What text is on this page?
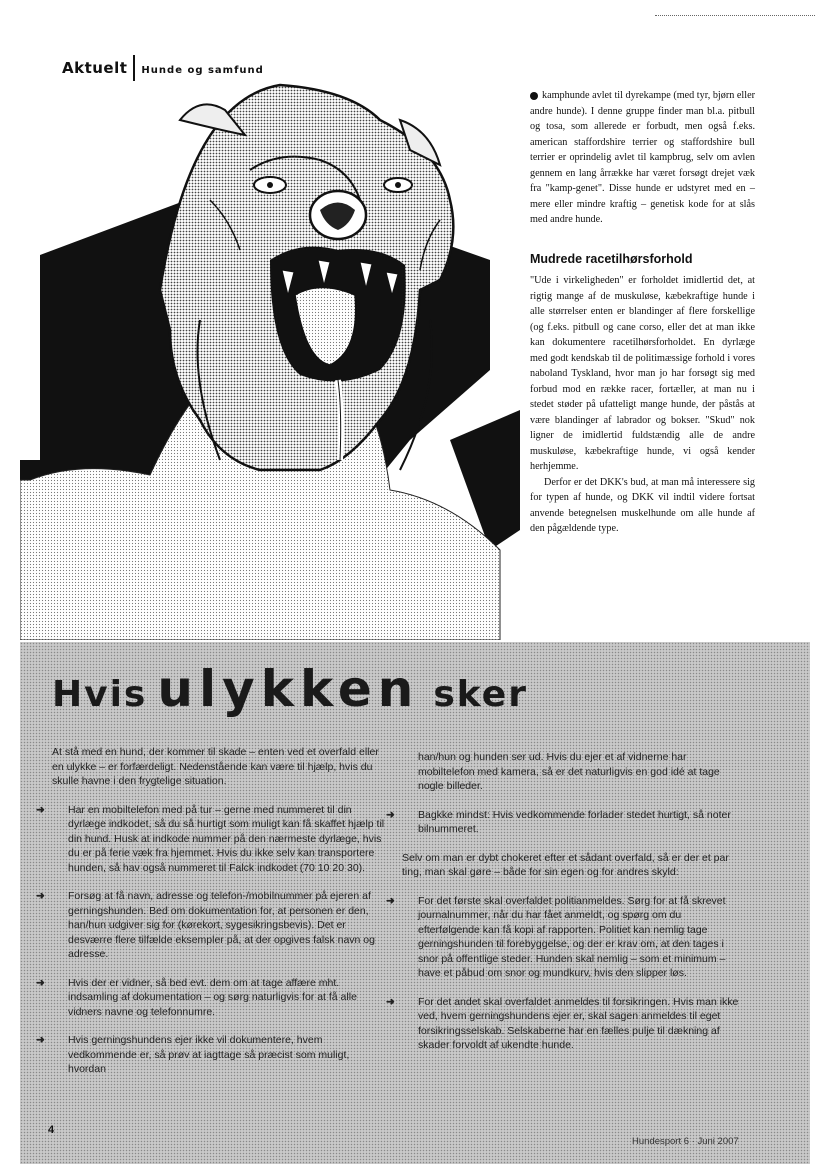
Aktuelt Hunde og samfund

kamphunde avlet til dyrekampe (med tyr, bjørn eller andre hunde). I denne gruppe finder man bl.a. pitbull og tosa, som allerede er forbudt, men også f.eks. american staffordshire terrier og staffordshire bull terrier er oprindelig avlet til kampbrug, selv om avlen gennem en lang årrække har været forsøgt drejet væk fra "kamp-genet". Disse hunde er udstyret med en – mere eller mindre kraftig – genetisk kode for at slås med andre hunde.

Mudrede racetilhørsforhold

"Ude i virkeligheden" er forholdet imidlertid det, at rigtig mange af de muskuløse, kæbekraftige hunde i alle størrelser enten er blandinger af flere forskellige (og f.eks. pitbull og cane corso, eller det at man ikke kan dokumentere racetilhørsforholdet. En dyrlæge med godt kendskab til de politimæssige forhold i vores naboland Tyskland, hvor man jo har forsøgt sig med forbud mod en række racer, fortæller, at man nu i stedet støder på ufatteligt mange hunde, der påstås at være blandinger af labrador og bokser. "Skud" nok ligner de imidlertid fuldstændig alle de andre muskuløse, kæbekraftige hunde, vi også kender herhjemme.

Derfor er det DKK's bud, at man må interessere sig for typen af hunde, og DKK vil indtil videre fortsat anvende betegnelsen muskelhunde om alle hunde af den pågældende type.

Hvis ulykken sker
At stå med en hund, der kommer til skade – enten ved et overfald eller en ulykke – er forfærdeligt. Nedenstående kan være til hjælp, hvis du skulle havne i den frygtelige situation.
➜ Har en mobiltelefon med på tur – gerne med nummeret til din dyrlæge indkodet, så du så hurtigt som muligt kan få skaffet hjælp til din hund. Husk at indkode nummer på den nærmeste dyrlæge, hvis du er på ferie væk fra hjemmet. Hvis du ikke selv kan transportere hunden, så hav også nummeret til Falck indkodet (70 10 20 30).
➜ Forsøg at få navn, adresse og telefon-/mobilnummer på ejeren af gerningshunden. Bed om dokumentation for, at personen er den, han/hun udgiver sig for (kørekort, sygesikringsbevis). Det er desværre flere tilfælde eksempler på, at der opgives falsk navn og adresse.
➜ Hvis der er vidner, så bed evt. dem om at tage affære mht. indsamling af dokumentation – og sørg naturligvis for at få alle vidners navne og telefonnumre.
➜ Hvis gerningshundens ejer ikke vil dokumentere, hvem vedkommende er, så prøv at iagttage så præcist som muligt, hvordan
han/hun og hunden ser ud. Hvis du ejer et af vidnerne har mobiltelefon med kamera, så er det naturligvis en god idé at tage nogle billeder.
➜ Bagkke mindst: Hvis vedkommende forlader stedet hurtigt, så noter bilnummeret.
Selv om man er dybt chokeret efter et sådant overfald, så er der et par ting, man skal gøre – både for sin egen og for andres skyld:
➜ For det første skal overfaldet politianmeldes. Sørg for at få skrevet journalnummer, når du har fået anmeldt, og spørg om du efterfølgende kan få kopi af rapporten. Politiet kan nemlig tage gerningshunden til forebyggelse, og der er krav om, at den tages i snor på offentlige steder. Hunden skal nemlig – som et minimum – have et påbud om snor og mundkurv, hvis den slipper løs.
➜ For det andet skal overfaldet anmeldes til forsikringen. Hvis man ikke ved, hvem gerningshundens ejer er, skal sagen anmeldes til eget forsikringsselskab. Selskaberne har en fælles pulje til dækning af skader forvoldt af ukendte hunde.
4
Hundesport 6 · Juni 2007
